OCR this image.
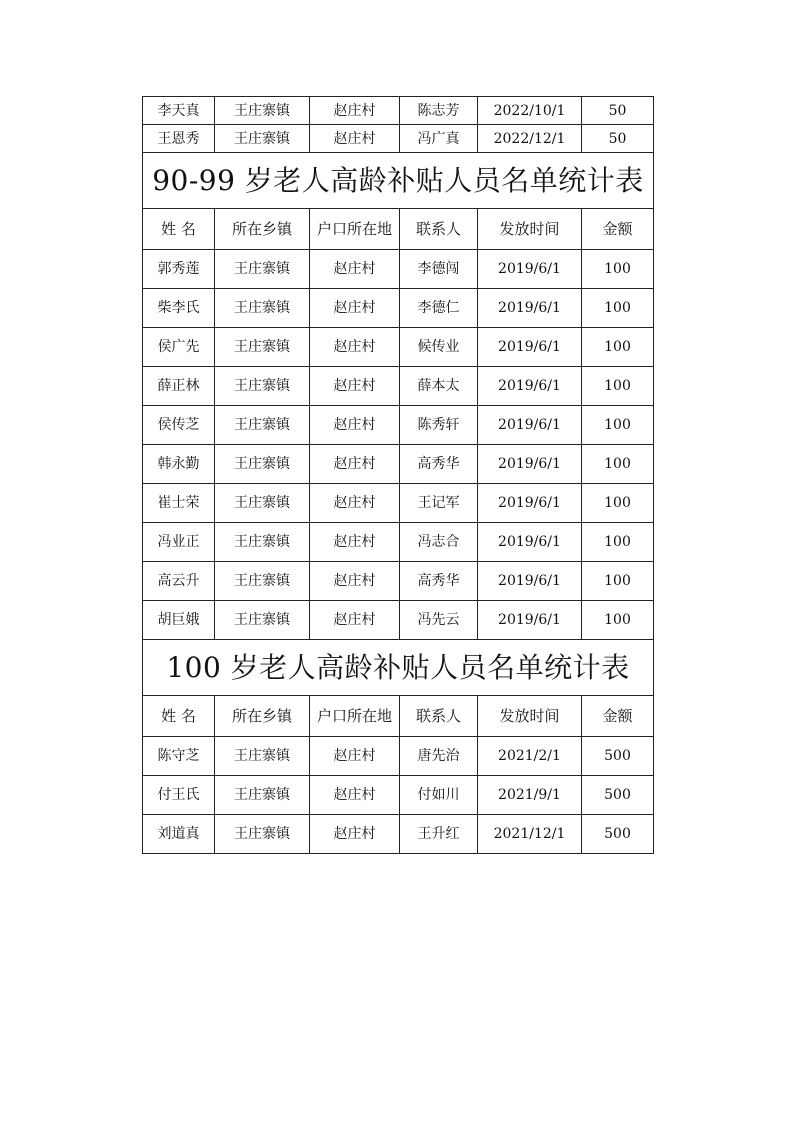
李天真	王庄寨镇	赵庄村	陈志芳	2022/10/1	50
王恩秀	王庄寨镇	赵庄村	冯广真	2022/12/1	50
90-99 岁老人高龄补贴人员名单统计表					
姓 名	所在乡镇	户口所在地	联系人	发放时间	金额
郭秀莲	王庄寨镇	赵庄村	李德闯	2019/6/1	100
柴李氏	王庄寨镇	赵庄村	李德仁	2019/6/1	100
侯广先	王庄寨镇	赵庄村	候传业	2019/6/1	100
薛正林	王庄寨镇	赵庄村	薛本太	2019/6/1	100
侯传芝	王庄寨镇	赵庄村	陈秀轩	2019/6/1	100
韩永勤	王庄寨镇	赵庄村	高秀华	2019/6/1	100
崔士荣	王庄寨镇	赵庄村	王记军	2019/6/1	100
冯业正	王庄寨镇	赵庄村	冯志合	2019/6/1	100
高云升	王庄寨镇	赵庄村	高秀华	2019/6/1	100
胡巨娥	王庄寨镇	赵庄村	冯先云	2019/6/1	100
100 岁老人高龄补贴人员名单统计表					
姓 名	所在乡镇	户口所在地	联系人	发放时间	金额
陈守芝	王庄寨镇	赵庄村	唐先治	2021/2/1	500
付王氏	王庄寨镇	赵庄村	付如川	2021/9/1	500
刘道真	王庄寨镇	赵庄村	王升红	2021/12/1	500
